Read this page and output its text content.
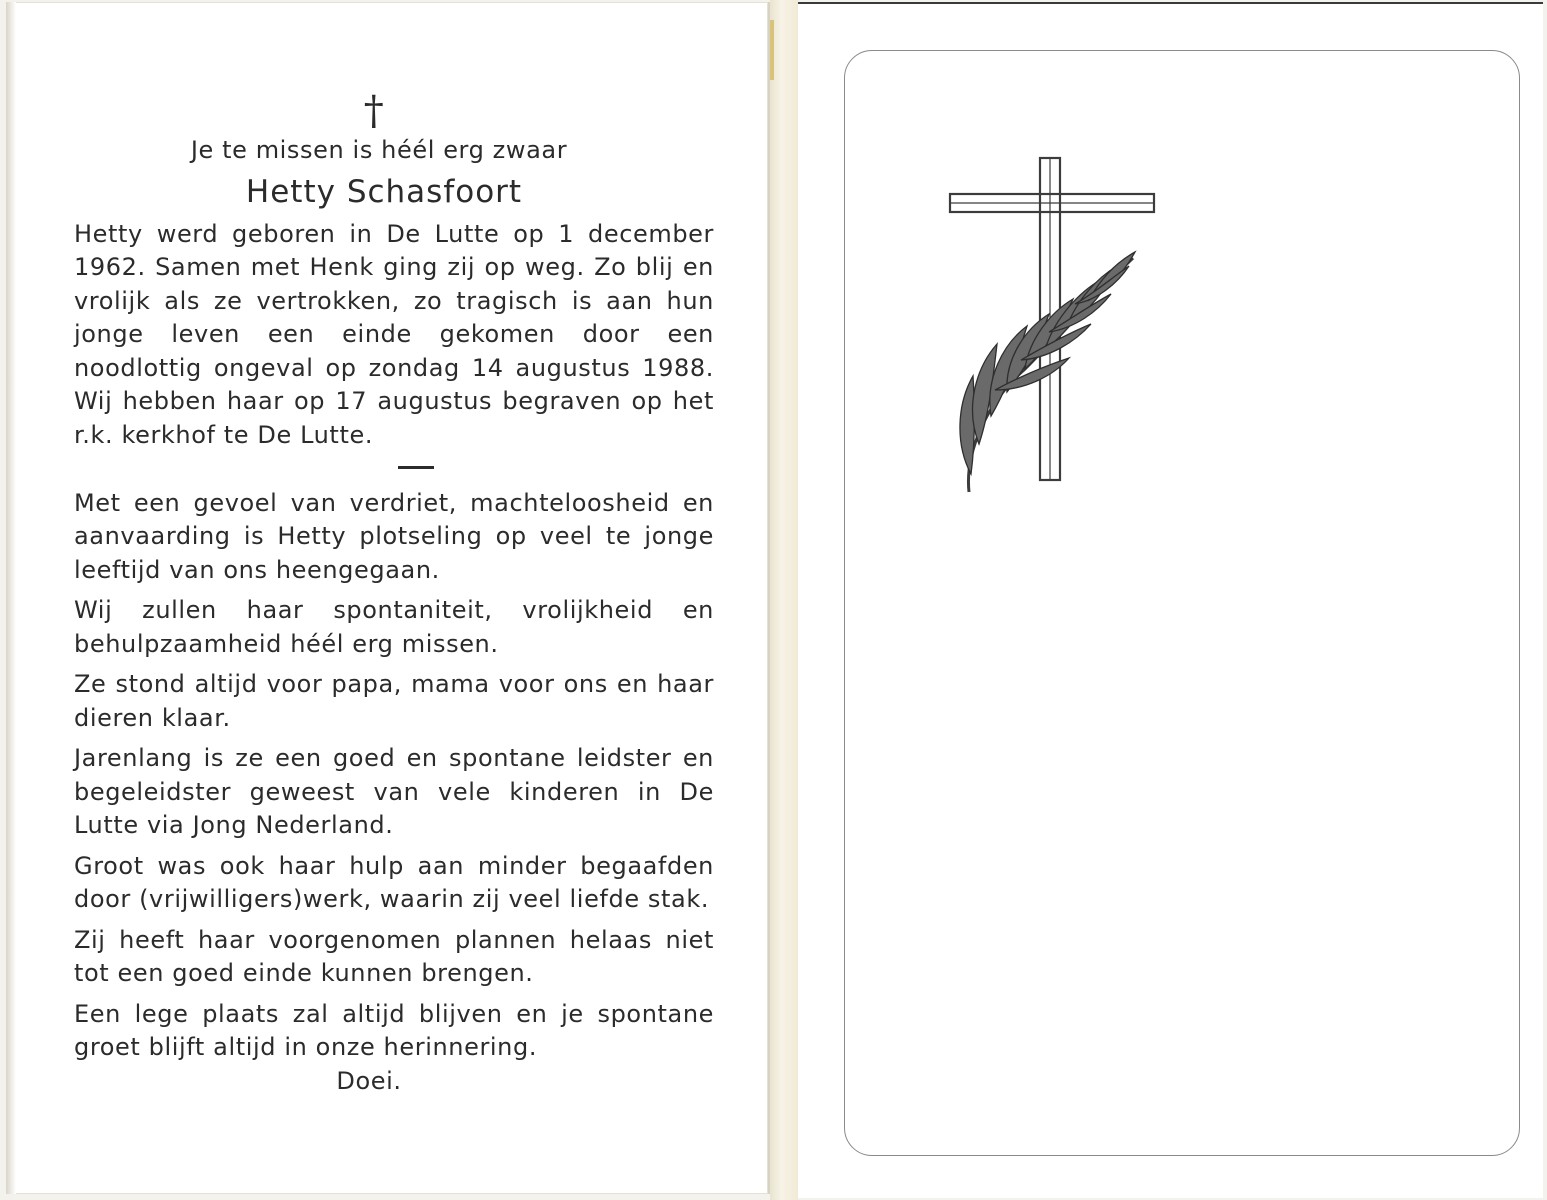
†
Je te missen is héél erg zwaar
Hetty Schasfoort

Hetty werd geboren in De Lutte op 1 december 1962. Samen met Henk ging zij op weg. Zo blij en vrolijk als ze vertrokken, zo tragisch is aan hun jonge leven een einde gekomen door een noodlottig ongeval op zondag 14 augustus 1988. Wij hebben haar op 17 augustus begraven op het r.k. kerkhof te De Lutte.

Met een gevoel van verdriet, machteloosheid en aanvaarding is Hetty plotseling op veel te jonge leeftijd van ons heengegaan.

Wij zullen haar spontaniteit, vrolijkheid en behulpzaamheid héél erg missen.

Ze stond altijd voor papa, mama voor ons en haar dieren klaar.

Jarenlang is ze een goed en spontane leidster en begeleidster geweest van vele kinderen in De Lutte via Jong Nederland.

Groot was ook haar hulp aan minder begaafden door (vrijwilligers)werk, waarin zij veel liefde stak.

Zij heeft haar voorgenomen plannen helaas niet tot een goed einde kunnen brengen.

Een lege plaats zal altijd blijven en je spontane groet blijft altijd in onze herinnering.

Doei.
